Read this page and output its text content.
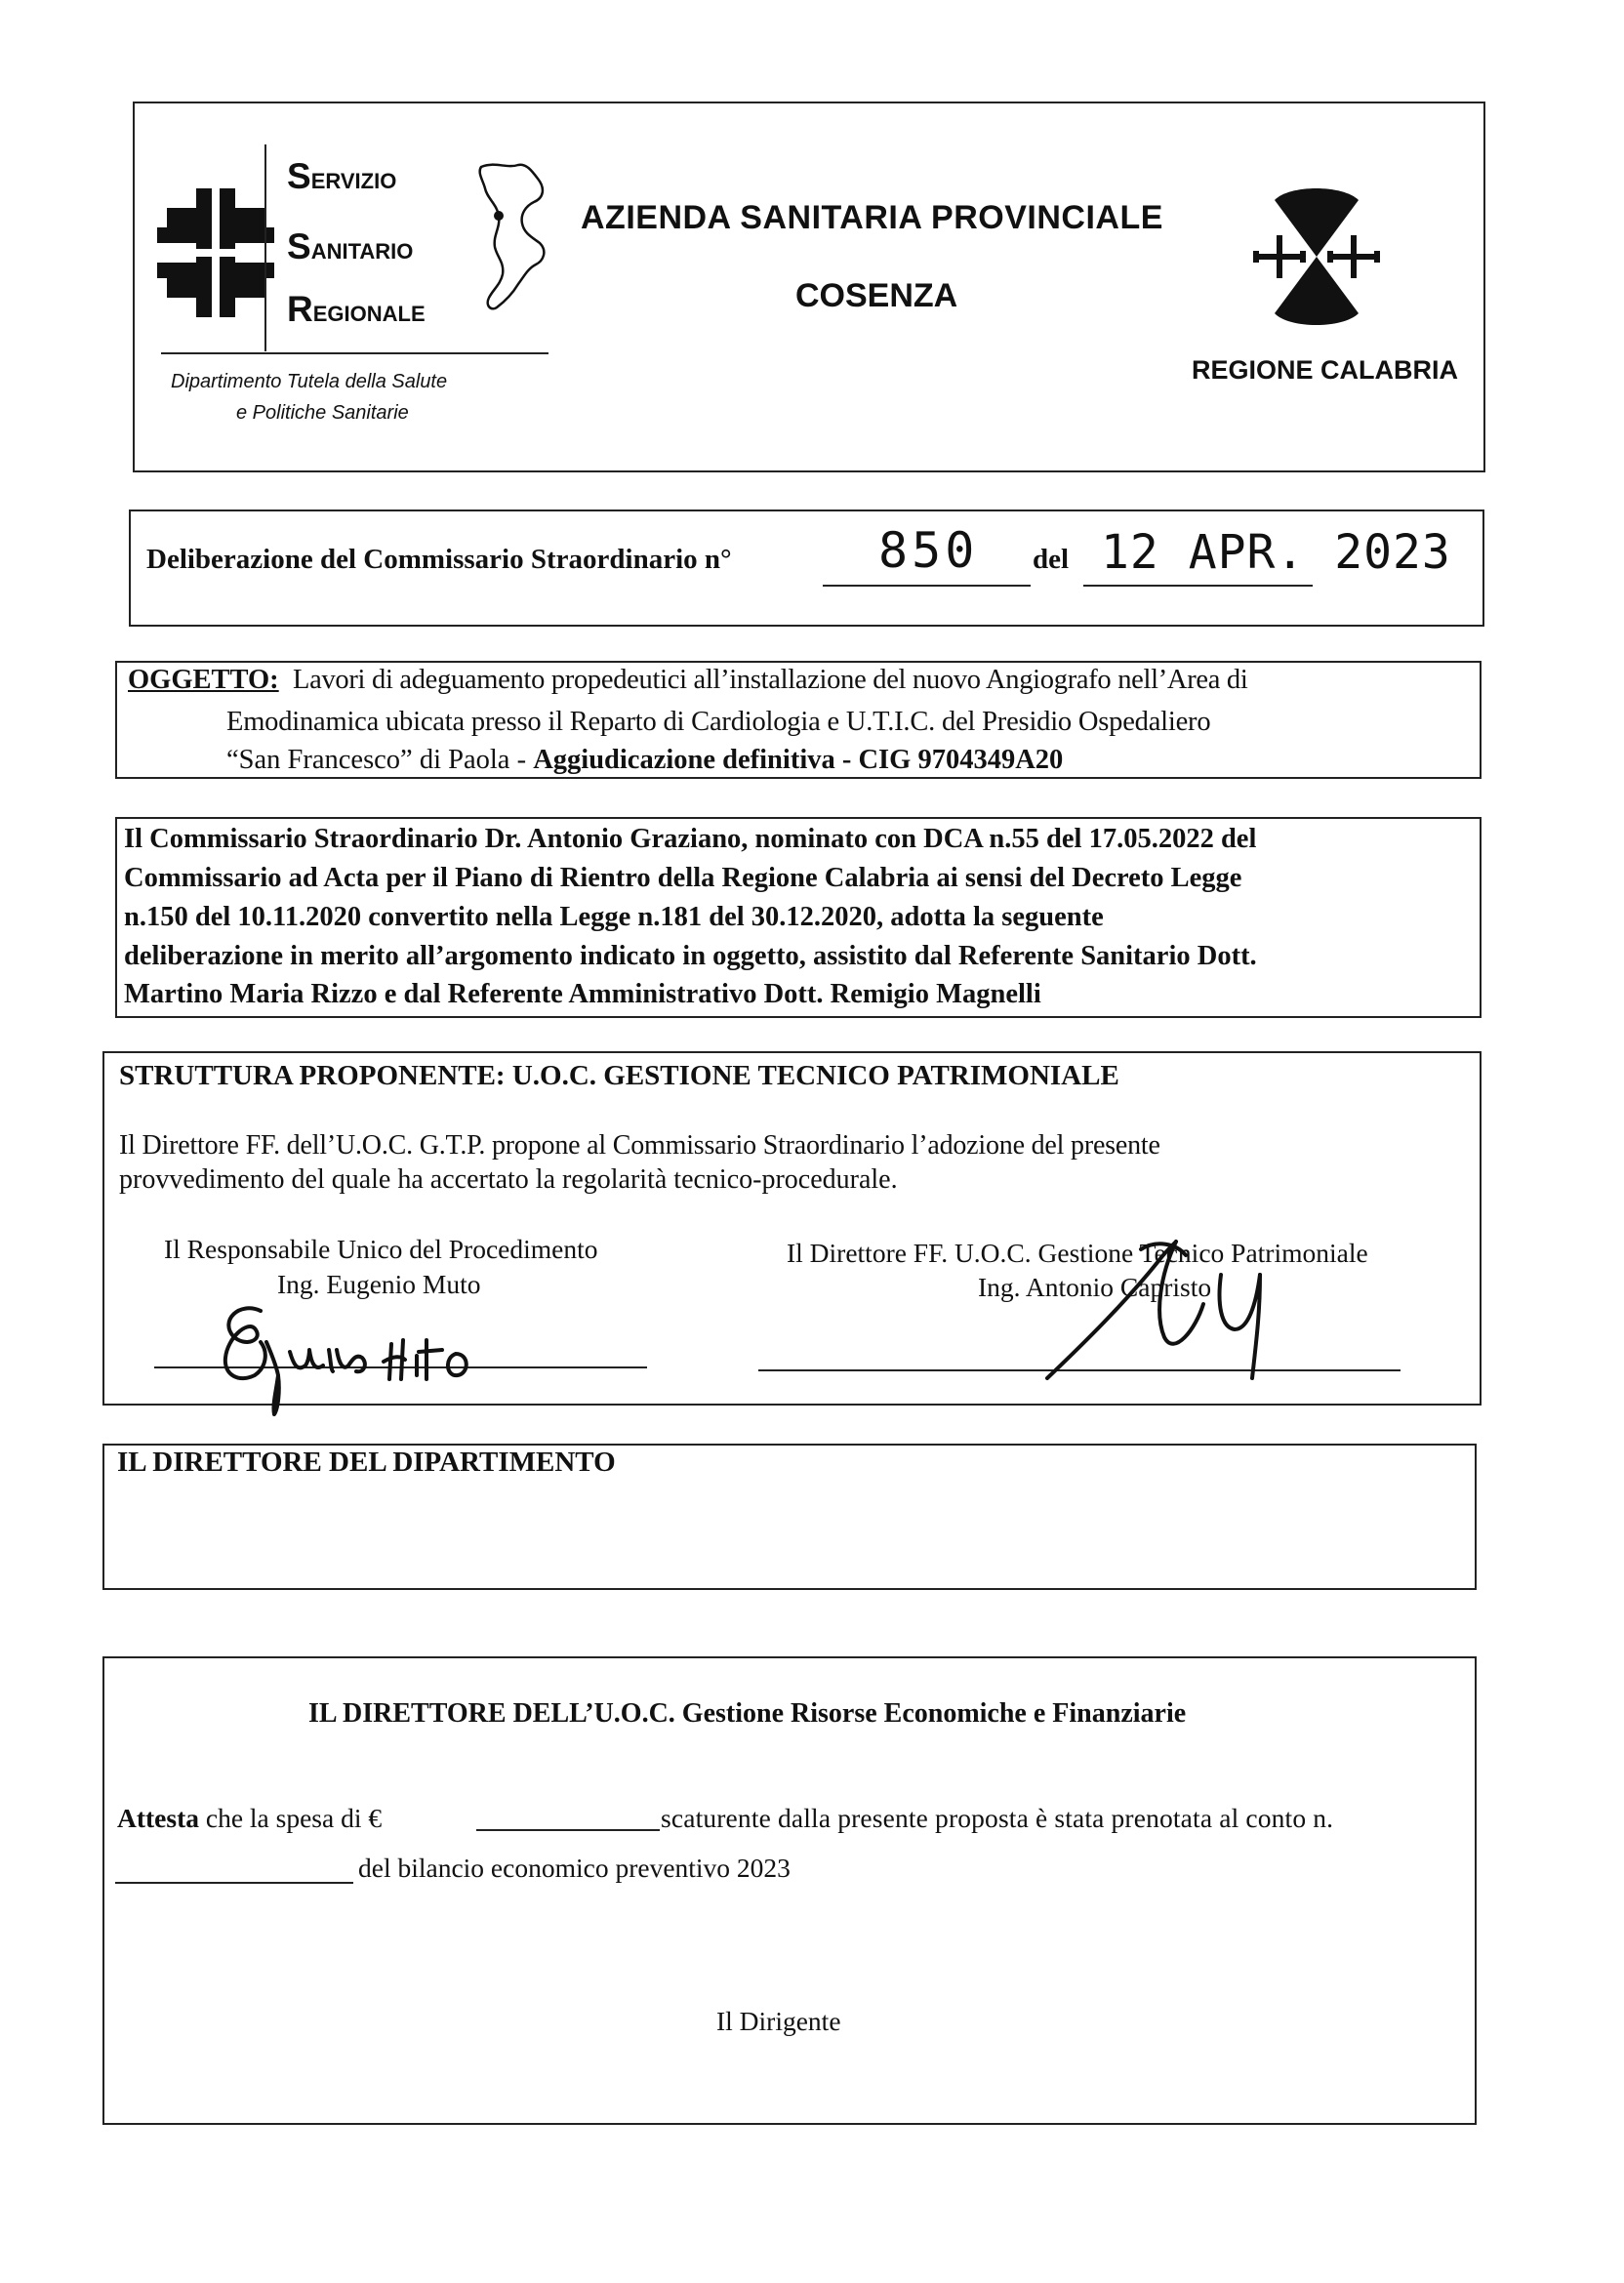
SERVIZIO
SANITARIO
REGIONALE
Dipartimento Tutela della Salute
e Politiche Sanitarie
AZIENDA SANITARIA PROVINCIALE
COSENZA
REGIONE CALABRIA
Deliberazione del Commissario Straordinario n°	850 del 12 APR. 2023
OGGETTO: Lavori di adeguamento propedeutici all’installazione del nuovo Angiografo nell’Area di
Emodinamica ubicata presso il Reparto di Cardiologia e U.T.I.C. del Presidio Ospedaliero
“San Francesco” di Paola - Aggiudicazione definitiva - CIG 9704349A20
Il Commissario Straordinario Dr. Antonio Graziano, nominato con DCA n.55 del 17.05.2022 del
Commissario ad Acta per il Piano di Rientro della Regione Calabria ai sensi del Decreto Legge
n.150 del 10.11.2020 convertito nella Legge n.181 del 30.12.2020, adotta la seguente
deliberazione in merito all’argomento indicato in oggetto, assistito dal Referente Sanitario Dott.
Martino Maria Rizzo e dal Referente Amministrativo Dott. Remigio Magnelli
STRUTTURA PROPONENTE: U.O.C. GESTIONE TECNICO PATRIMONIALE
Il Direttore FF. dell’U.O.C. G.T.P. propone al Commissario Straordinario l’adozione del presente
provvedimento del quale ha accertato la regolarità tecnico-procedurale.
Il Responsabile Unico del Procedimento
Ing. Eugenio Muto
Il Direttore FF. U.O.C. Gestione Tecnico Patrimoniale
Ing. Antonio Capristo
IL DIRETTORE DEL DIPARTIMENTO
IL DIRETTORE DELL’U.O.C. Gestione Risorse Economiche e Finanziarie
Attesta che la spesa di €	scaturente dalla presente proposta è stata prenotata al conto n.
del bilancio economico preventivo 2023
Il Dirigente
